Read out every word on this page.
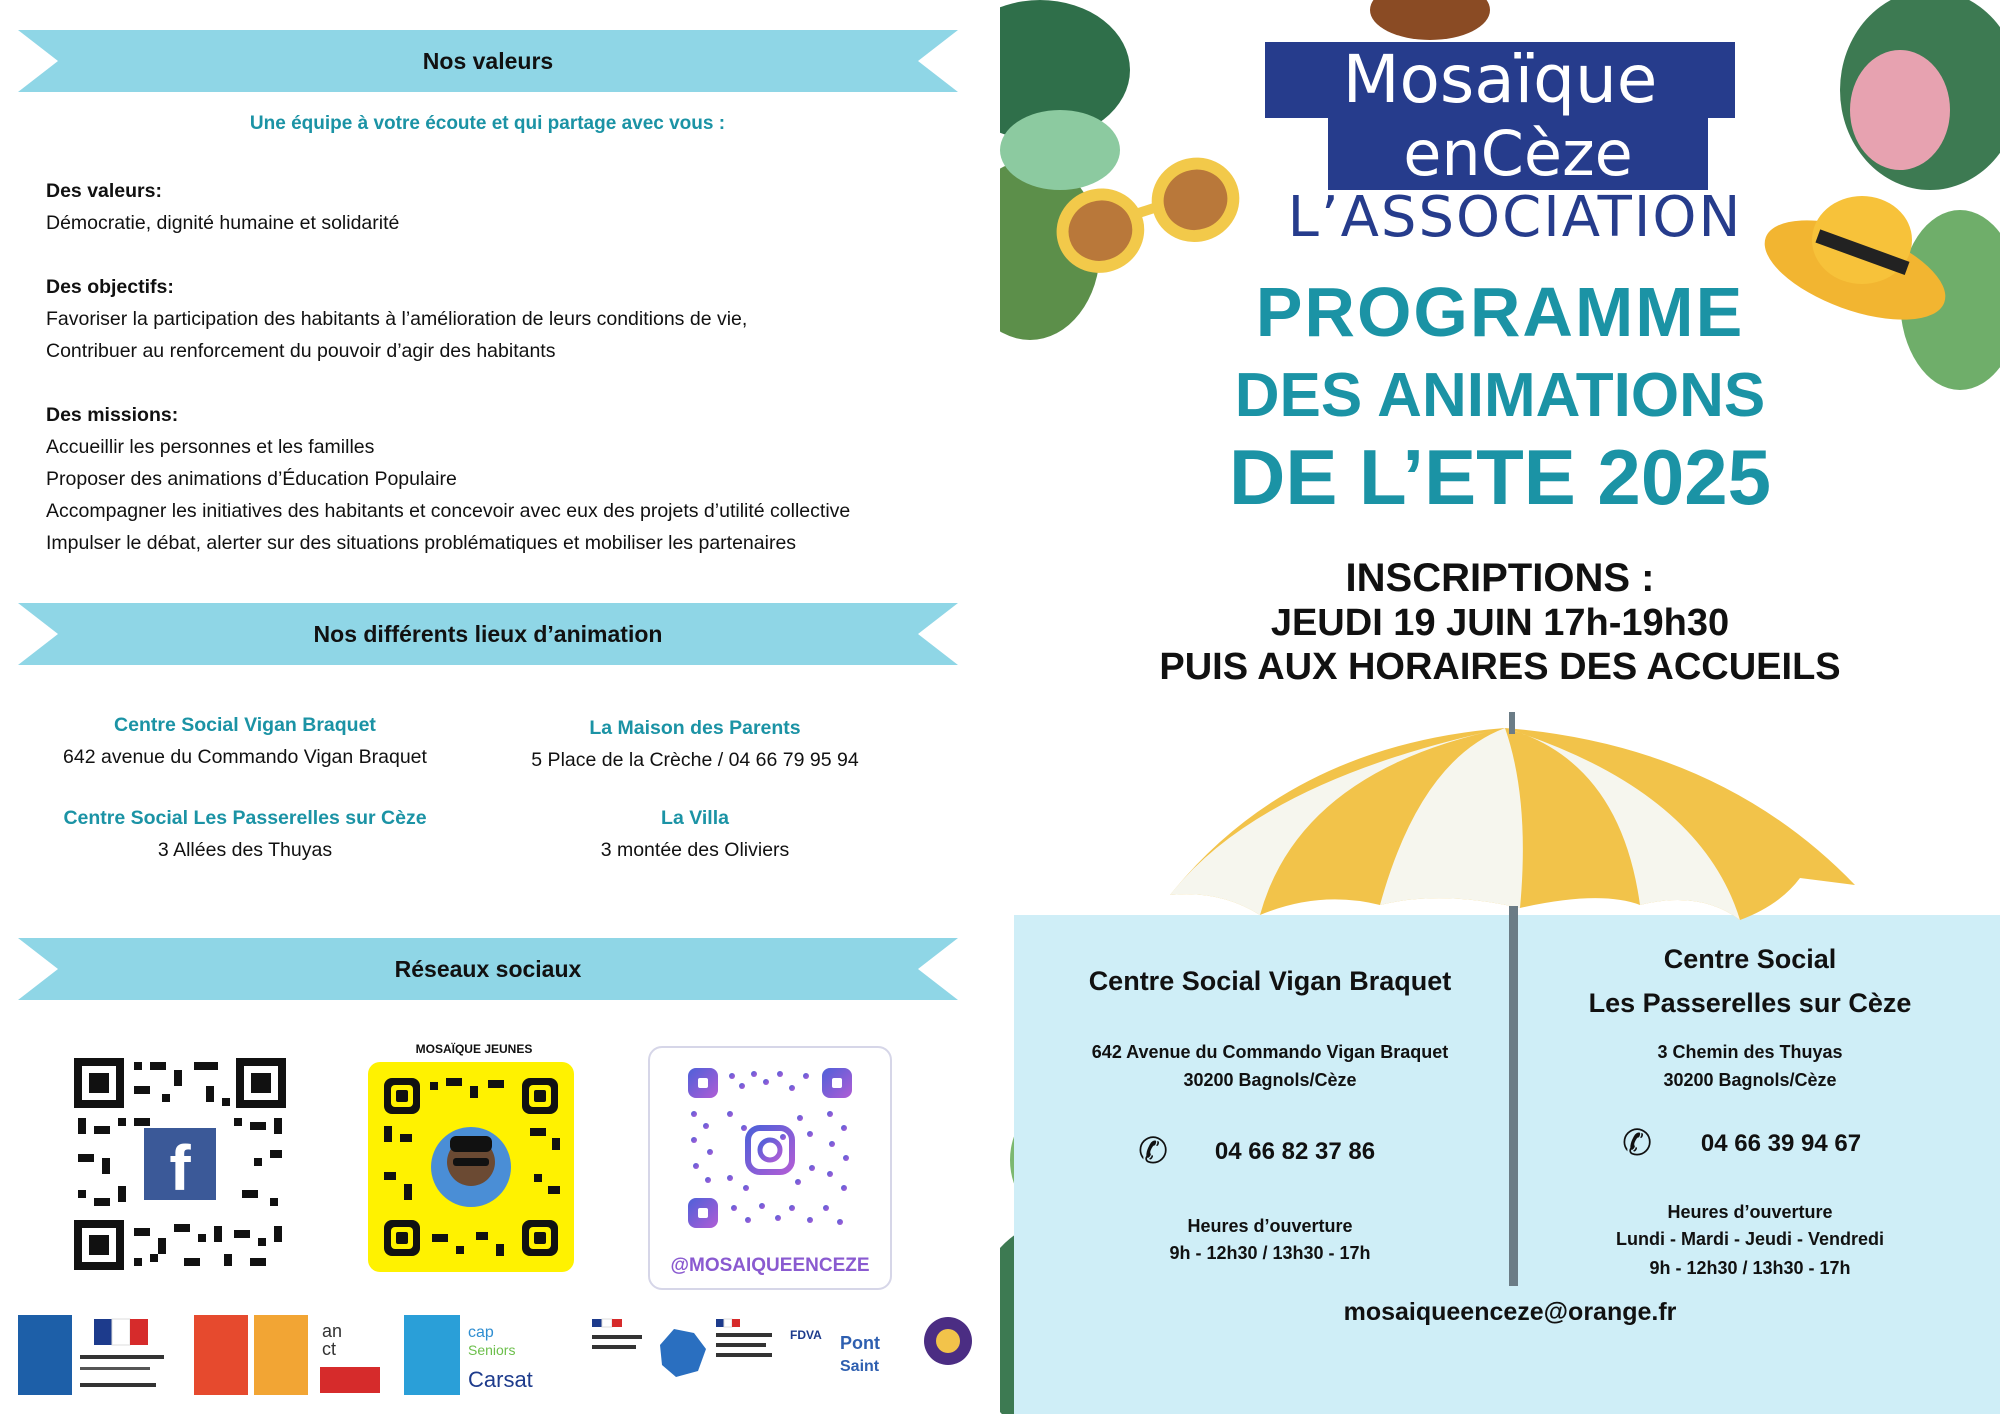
Nos valeurs
Une équipe à votre écoute et qui partage avec vous :
Des valeurs:
Démocratie, dignité humaine et solidarité
Des objectifs:
Favoriser la participation des habitants à l’amélioration de leurs conditions de vie,
Contribuer au renforcement du pouvoir d’agir des habitants
Des missions:
Accueillir les personnes et les familles
Proposer des animations d’Éducation Populaire
Accompagner les initiatives des habitants et concevoir avec eux des projets d’utilité collective
Impulser le débat, alerter sur des situations problématiques et mobiliser les partenaires
Nos différents lieux d’animation
Centre Social Vigan Braquet
642 avenue du Commando Vigan Braquet
La Maison des Parents
5 Place de la Crèche / 04 66 79 95 94
Centre Social Les Passerelles sur Cèze
3 Allées des Thuyas
La Villa
3 montée des Oliviers
Réseaux sociaux
f
MOSAÏQUE JEUNES
@MOSAIQUEENCEZE
an
ct
cap
Seniors
Carsat
FDVA Pont
Saint
Mosaïque
enCèze
L’ASSOCIATION
PROGRAMME
DES ANIMATIONS
DE L’ETE 2025
INSCRIPTIONS :
JEUDI 19 JUIN 17h-19h30
PUIS AUX HORAIRES DES ACCUEILS
Centre Social Vigan Braquet
642 Avenue du Commando Vigan Braquet
30200 Bagnols/Cèze
✆	04 66 82 37 86
Heures d’ouverture
9h - 12h30 / 13h30 - 17h
Centre Social
Les Passerelles sur Cèze
3 Chemin des Thuyas
30200 Bagnols/Cèze
✆	04 66 39 94 67
Heures d’ouverture
Lundi - Mardi - Jeudi - Vendredi
9h - 12h30 / 13h30 - 17h
mosaiqueenceze@orange.fr
